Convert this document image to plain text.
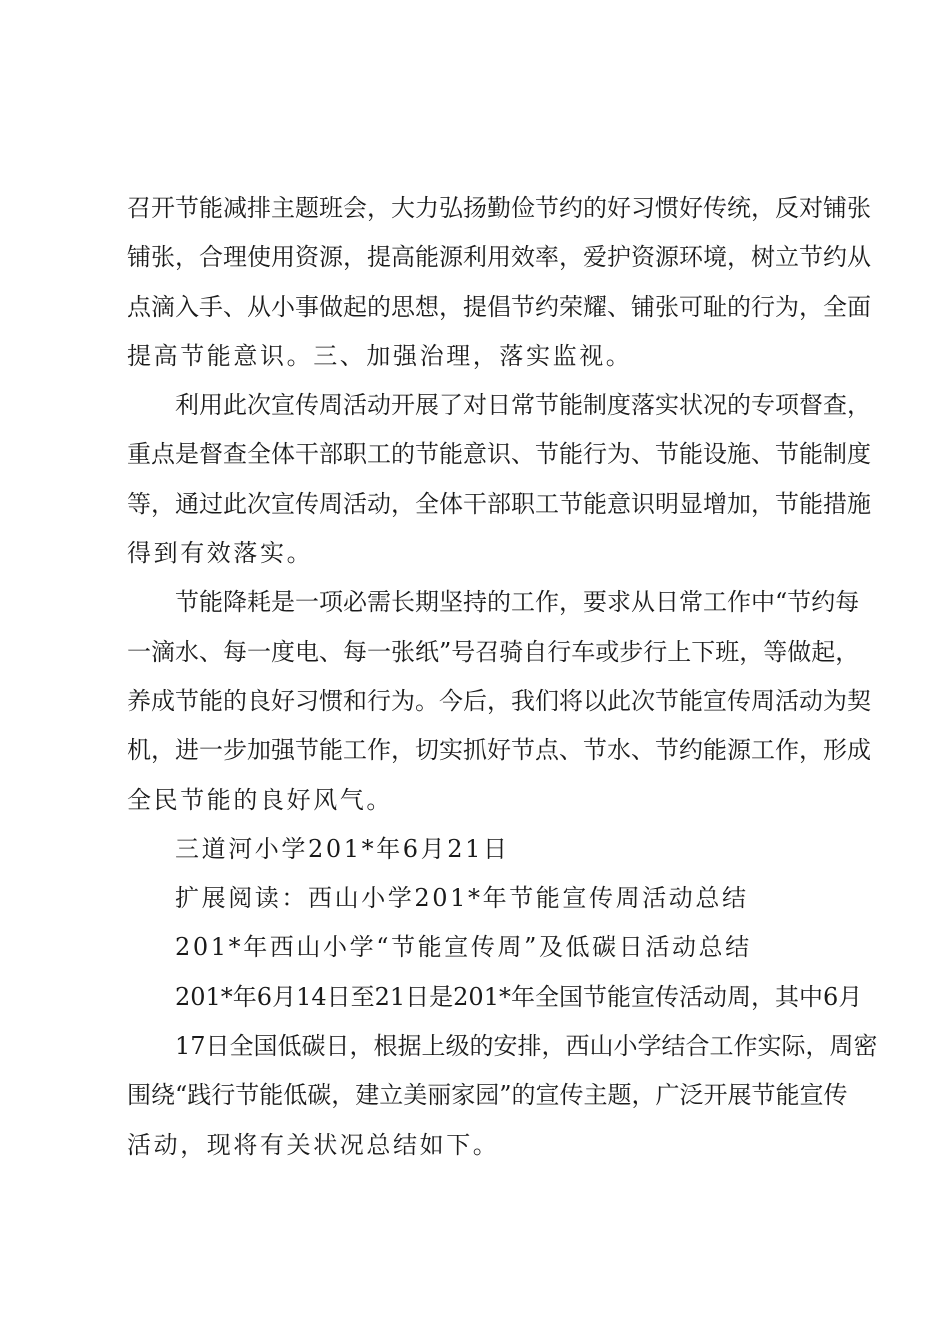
召开节能减排主题班会，大力弘扬勤俭节约的好习惯好传统，反对铺张
铺张，合理使用资源，提高能源利用效率，爱护资源环境，树立节约从
点滴入手、从小事做起的思想，提倡节约荣耀、铺张可耻的行为，全面
提高节能意识。三、加强治理，落实监视。
利用此次宣传周活动开展了对日常节能制度落实状况的专项督查，
重点是督查全体干部职工的节能意识、节能行为、节能设施、节能制度
等，通过此次宣传周活动，全体干部职工节能意识明显增加，节能措施
得到有效落实。
节能降耗是一项必需长期坚持的工作，要求从日常工作中“节约每
一滴水、每一度电、每一张纸”号召骑自行车或步行上下班，等做起，
养成节能的良好习惯和行为。今后，我们将以此次节能宣传周活动为契
机，进一步加强节能工作，切实抓好节点、节水、节约能源工作，形成
全民节能的良好风气。
三道河小学201*年6月21日
扩展阅读：西山小学201*年节能宣传周活动总结
201*年西山小学“节能宣传周”及低碳日活动总结
201*年6月14日至21日是201*年全国节能宣传活动周，其中6月
17日全国低碳日，根据上级的安排，西山小学结合工作实际，周密
围绕“践行节能低碳，建立美丽家园”的宣传主题，广泛开展节能宣传
活动，现将有关状况总结如下。
